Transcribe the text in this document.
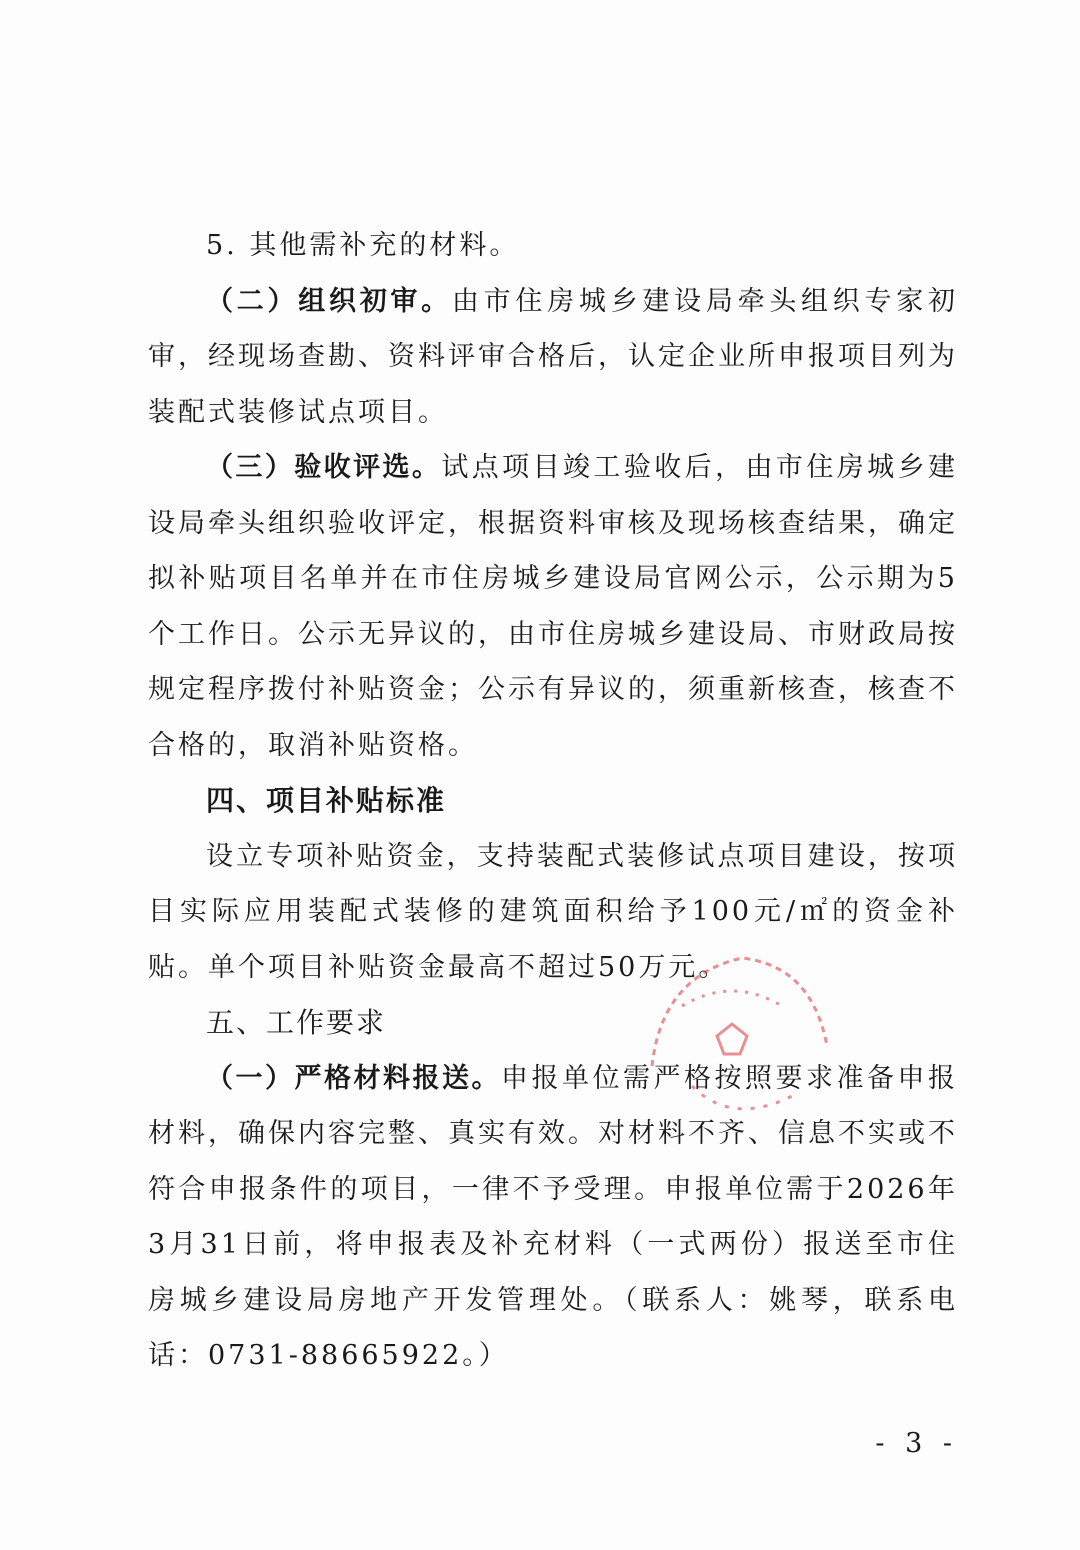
5. 其他需补充的材料。

（二）组织初审。由市住房城乡建设局牵头组织专家初审，经现场查勘、资料评审合格后，认定企业所申报项目列为装配式装修试点项目。

（三）验收评选。试点项目竣工验收后，由市住房城乡建设局牵头组织验收评定，根据资料审核及现场核查结果，确定拟补贴项目名单并在市住房城乡建设局官网公示，公示期为5个工作日。公示无异议的，由市住房城乡建设局、市财政局按规定程序拨付补贴资金；公示有异议的，须重新核查，核查不合格的，取消补贴资格。

四、项目补贴标准

设立专项补贴资金，支持装配式装修试点项目建设，按项目实际应用装配式装修的建筑面积给予100元/㎡的资金补贴。单个项目补贴资金最高不超过50万元。

五、工作要求

（一）严格材料报送。申报单位需严格按照要求准备申报材料，确保内容完整、真实有效。对材料不齐、信息不实或不符合申报条件的项目，一律不予受理。申报单位需于2026年3月31日前，将申报表及补充材料（一式两份）报送至市住房城乡建设局房地产开发管理处。（联系人：姚琴，联系电话：0731-88665922。）

- 3 -
